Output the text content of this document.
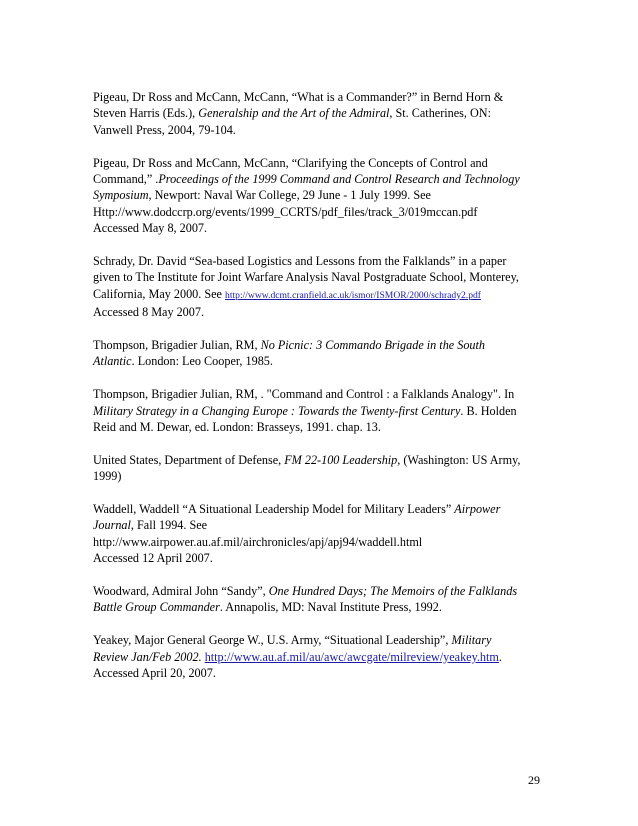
Pigeau, Dr Ross and McCann, McCann, “What is a Commander?” in Bernd Horn &
Steven Harris (Eds.), Generalship and the Art of the Admiral, St. Catherines, ON:
Vanwell Press, 2004, 79-104.

Pigeau, Dr Ross and McCann, McCann, “Clarifying the Concepts of Control and
Command,” .Proceedings of the 1999 Command and Control Research and Technology
Symposium, Newport: Naval War College, 29 June - 1 July 1999. See
Http://www.dodccrp.org/events/1999_CCRTS/pdf_files/track_3/019mccan.pdf
Accessed May 8, 2007.

Schrady, Dr. David “Sea-based Logistics and Lessons from the Falklands” in a paper
given to The Institute for Joint Warfare Analysis Naval Postgraduate School, Monterey,
California, May 2000. See http://www.dcmt.cranfield.ac.uk/ismor/ISMOR/2000/schrady2.pdf
Accessed 8 May 2007.

Thompson, Brigadier Julian, RM, No Picnic: 3 Commando Brigade in the South
Atlantic. London: Leo Cooper, 1985.

Thompson, Brigadier Julian, RM, . "Command and Control : a Falklands Analogy". In
Military Strategy in a Changing Europe : Towards the Twenty-first Century. B. Holden
Reid and M. Dewar, ed. London: Brasseys, 1991. chap. 13.

United States, Department of Defense, FM 22-100 Leadership, (Washington: US Army,
1999)

Waddell, Waddell “A Situational Leadership Model for Military Leaders” Airpower
Journal, Fall 1994. See
http://www.airpower.au.af.mil/airchronicles/apj/apj94/waddell.html
Accessed 12 April 2007.

Woodward, Admiral John “Sandy”, One Hundred Days; The Memoirs of the Falklands
Battle Group Commander. Annapolis, MD: Naval Institute Press, 1992.

Yeakey, Major General George W., U.S. Army, “Situational Leadership”, Military
Review Jan/Feb 2002. http://www.au.af.mil/au/awc/awcgate/milreview/yeakey.htm.
Accessed April 20, 2007.

29
